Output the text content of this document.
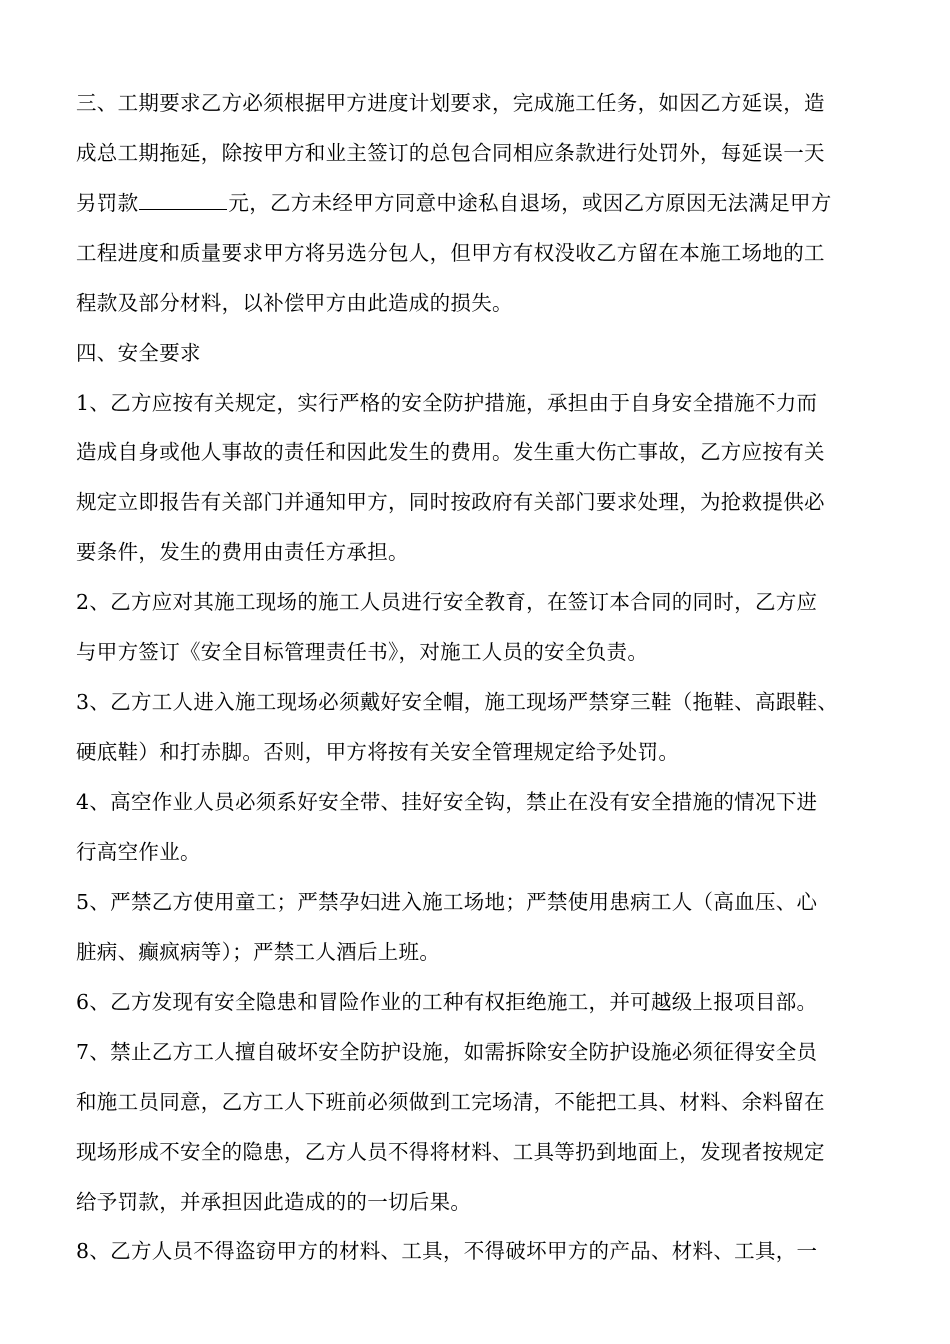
三、工期要求乙方必须根据甲方进度计划要求，完成施工任务，如因乙方延误，造
成总工期拖延，除按甲方和业主签订的总包合同相应条款进行处罚外，每延误一天
另罚款	元，乙方未经甲方同意中途私自退场，或因乙方原因无法满足甲方
工程进度和质量要求甲方将另选分包人，但甲方有权没收乙方留在本施工场地的工
程款及部分材料，以补偿甲方由此造成的损失。
四、安全要求
1、乙方应按有关规定，实行严格的安全防护措施，承担由于自身安全措施不力而
造成自身或他人事故的责任和因此发生的费用。发生重大伤亡事故，乙方应按有关
规定立即报告有关部门并通知甲方，同时按政府有关部门要求处理，为抢救提供必
要条件，发生的费用由责任方承担。
2、乙方应对其施工现场的施工人员进行安全教育，在签订本合同的同时，乙方应
与甲方签订《安全目标管理责任书》，对施工人员的安全负责。
3、乙方工人进入施工现场必须戴好安全帽，施工现场严禁穿三鞋（拖鞋、高跟鞋、
硬底鞋）和打赤脚。否则，甲方将按有关安全管理规定给予处罚。
4、高空作业人员必须系好安全带、挂好安全钩，禁止在没有安全措施的情况下进
行高空作业。
5、严禁乙方使用童工；严禁孕妇进入施工场地；严禁使用患病工人（高血压、心
脏病、癫疯病等）；严禁工人酒后上班。
6、乙方发现有安全隐患和冒险作业的工种有权拒绝施工，并可越级上报项目部。
7、禁止乙方工人擅自破坏安全防护设施，如需拆除安全防护设施必须征得安全员
和施工员同意，乙方工人下班前必须做到工完场清，不能把工具、材料、余料留在
现场形成不安全的隐患，乙方人员不得将材料、工具等扔到地面上，发现者按规定
给予罚款，并承担因此造成的的一切后果。
8、乙方人员不得盗窃甲方的材料、工具，不得破坏甲方的产品、材料、工具，一
